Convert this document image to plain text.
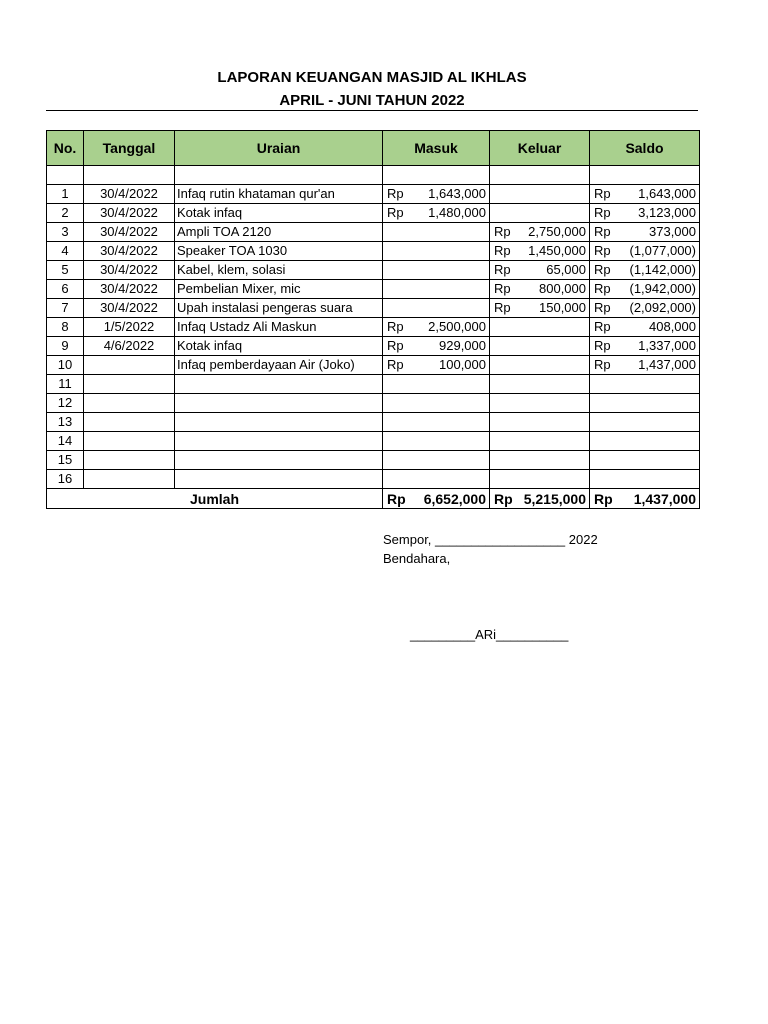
LAPORAN KEUANGAN MASJID AL IKHLAS
APRIL - JUNI TAHUN 2022
No.	Tanggal	Uraian	Masuk	Keluar	Saldo

1	30/4/2022	Infaq rutin khataman qur'an	Rp 1,643,000		Rp 1,643,000

2	30/4/2022	Kotak infaq	Rp 1,480,000		Rp 3,123,000

3	30/4/2022	Ampli TOA 2120		Rp 2,750,000	Rp 373,000

4	30/4/2022	Speaker TOA 1030		Rp 1,450,000	Rp (1,077,000)

5	30/4/2022	Kabel, klem, solasi		Rp 65,000	Rp (1,142,000)

6	30/4/2022	Pembelian Mixer, mic		Rp 800,000	Rp (1,942,000)

7	30/4/2022	Upah instalasi pengeras suara		Rp 150,000	Rp (2,092,000)

8	1/5/2022	Infaq Ustadz Ali Maskun	Rp 2,500,000		Rp 408,000

9	4/6/2022	Kotak infaq	Rp 929,000		Rp 1,337,000

10		Infaq pemberdayaan Air (Joko)	Rp 100,000		Rp 1,437,000

11					
12					
13					
14					
15					
16					
Jumlah			Rp 6,652,000	Rp 5,215,000	Rp 1,437,000
Sempor, __________________ 2022
Bendahara,
_________ARi__________
